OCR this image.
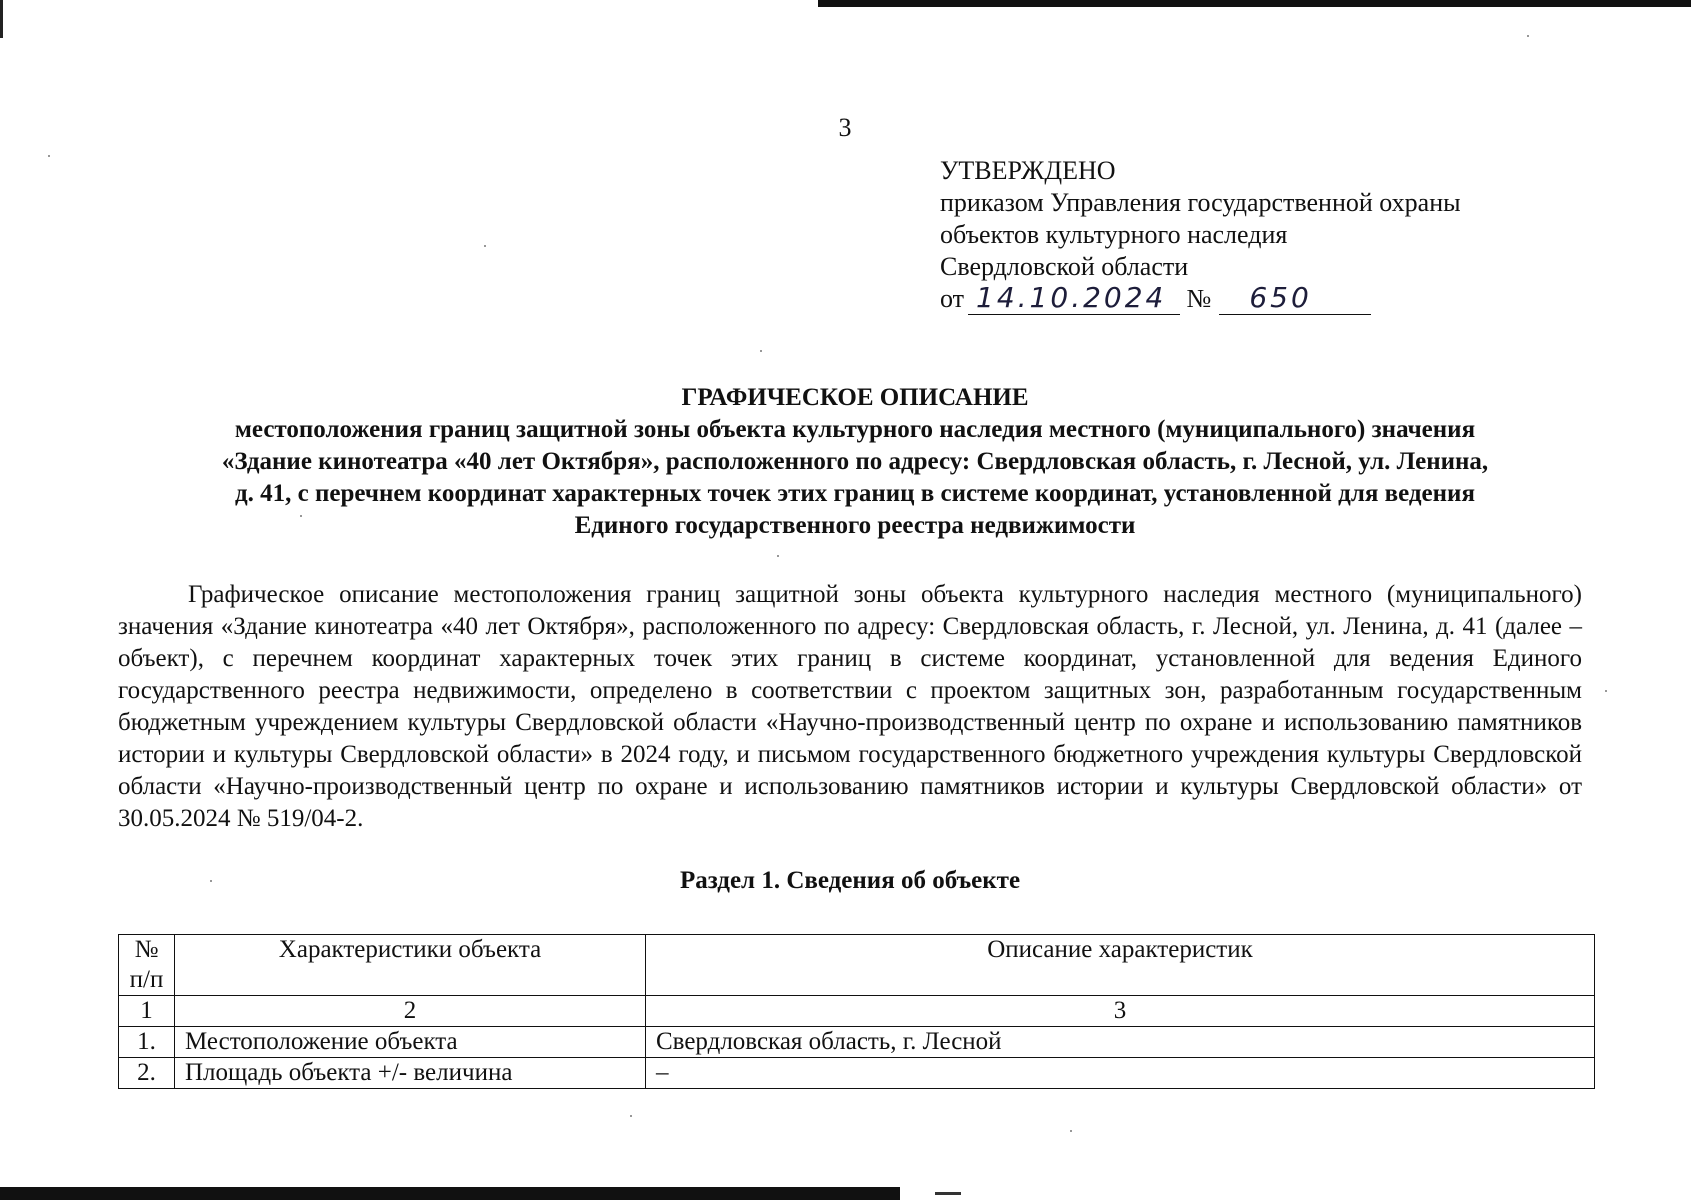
3
УТВЕРЖДЕНО
приказом Управления государственной охраны
объектов культурного наследия
Свердловской области
от 14.10.2024 № 650
ГРАФИЧЕСКОЕ ОПИСАНИЕ
местоположения границ защитной зоны объекта культурного наследия местного (муниципального) значения
«Здание кинотеатра «40 лет Октября», расположенного по адресу: Свердловская область, г. Лесной, ул. Ленина,
д. 41, с перечнем координат характерных точек этих границ в системе координат, установленной для ведения
Единого государственного реестра недвижимости

Графическое описание местоположения границ защитной зоны объекта культурного наследия местного (муниципального) значения «Здание кинотеатра «40 лет Октября», расположенного по адресу: Свердловская область, г. Лесной, ул. Ленина, д. 41 (далее – объект), с перечнем координат характерных точек этих границ в системе координат, установленной для ведения Единого государственного реестра недвижимости, определено в соответствии с проектом защитных зон, разработанным государственным бюджетным учреждением культуры Свердловской области «Научно-производственный центр по охране и использованию памятников истории и культуры Свердловской области» в 2024 году, и письмом государственного бюджетного учреждения культуры Свердловской области «Научно-производственный центр по охране и использованию памятников истории и культуры Свердловской области» от 30.05.2024 № 519/04-2.

Раздел 1. Сведения об объекте
№
п/п	Характеристики объекта	Описание характеристик
1	2	3
1.	Местоположение объекта	Свердловская область, г. Лесной
2.	Площадь объекта +/- величина	–
